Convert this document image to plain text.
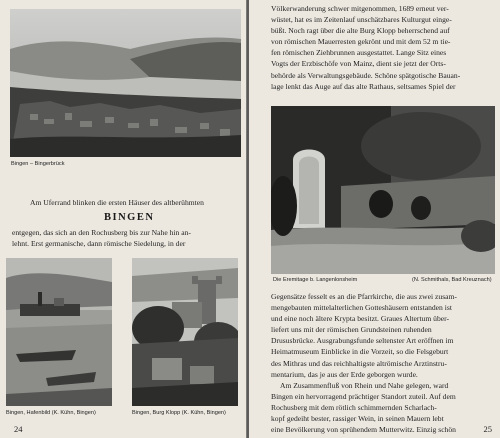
Bingen – Bingerbrück
Am Uferrand blinken die ersten Häuser des altberühmten
BINGEN

entgegen, das sich an den Rochusberg bis zur Nahe hin an-

lehnt. Erst germanische, dann römische Siedelung, in der

Bingen, Hafenbild (K. Kühn, Bingen)	Bingen, Burg Klopp (K. Kühn, Bingen)
24

Völkerwanderung schwer mitgenommen, 1689 erneut ver-

wüstet, hat es im Zeitenlauf unschätzbares Kulturgut einge-

büßt. Noch ragt über die alte Burg Klopp beherrschend auf

von römischen Mauerresten gekrönt und mit dem 52 m tie-

fen römischen Ziehbrunnen ausgestattet. Lange Sitz eines

Vogts der Erzbischöfe von Mainz, dient sie jetzt der Orts-

behörde als Verwaltungsgebäude. Schöne spätgotische Bauan-

lage lenkt das Auge auf das alte Rathaus, seltsames Spiel der

Die Eremitage b. Langenlonsheim	(N. Schmithals, Bad Kreuznach)

Gegensätze fesselt es an die Pfarrkirche, die aus zwei zusam-

mengebauten mittelalterlichen Gotteshäusern entstanden ist

und eine noch ältere Krypta besitzt. Graues Altertum über-

liefert uns mit der römischen Grundsteinen ruhenden

Drususbrücke. Ausgrabungsfunde seltenster Art eröffnen im

Heimatmuseum Einblicke in die Vorzeit, so die Felsgeburt

des Mithras und das reichhaltigste altrömische Arztinstru-

mentarium, das je aus der Erde geborgen wurde.

Am Zusammenfluß von Rhein und Nahe gelegen, ward

Bingen ein hervorragend prächtiger Standort zuteil. Auf dem

Rochusberg mit dem rötlich schimmernden Scharlach-

kopf gedeiht bester, rassiger Wein, in seinen Mauern lebt

eine Bevölkerung von sprühendem Mutterwitz. Einzig schön	25
